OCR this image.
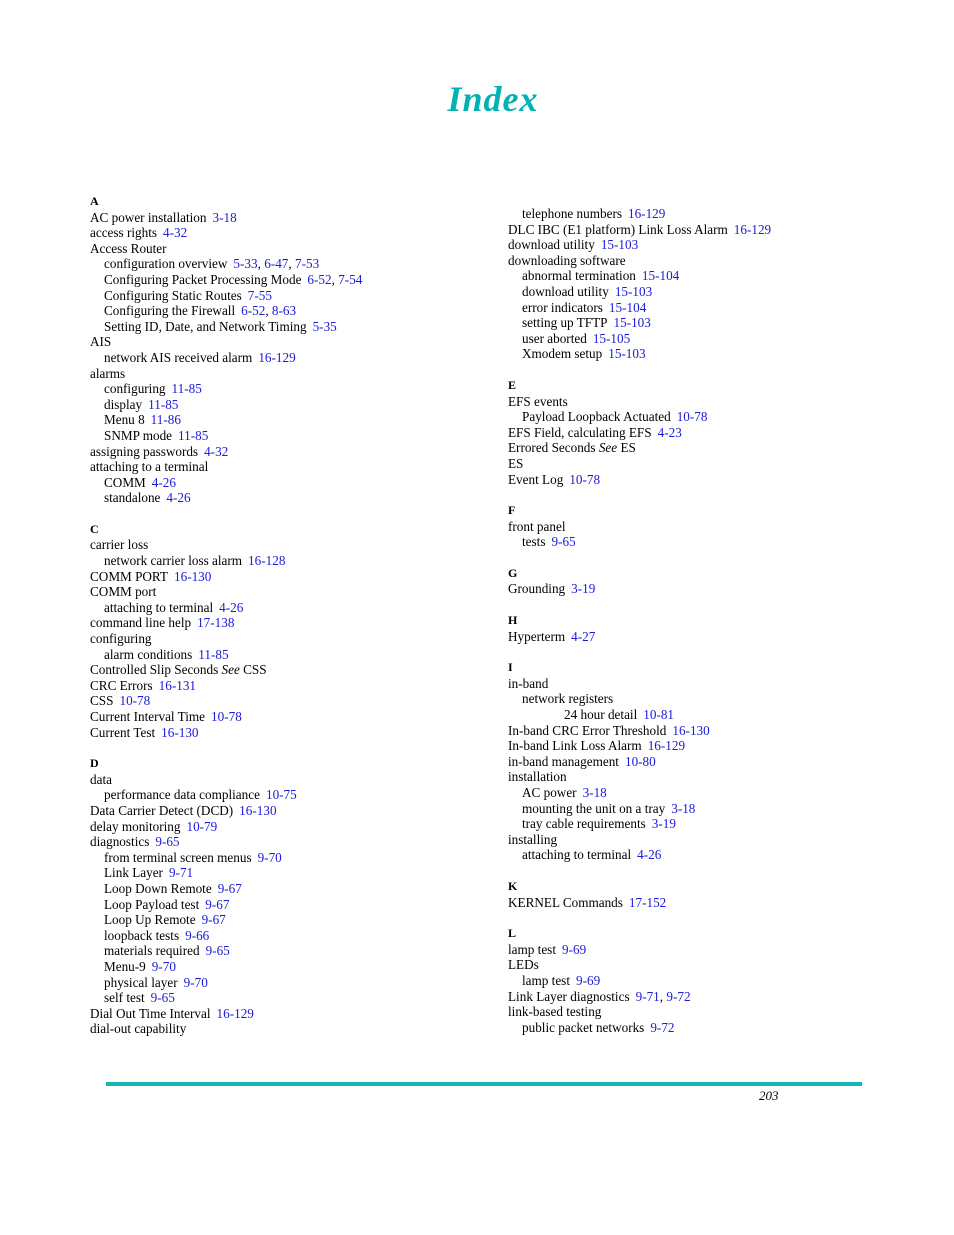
Index
A
AC power installation 3-18
access rights 4-32
Access Router
configuration overview 5-33, 6-47, 7-53
Configuring Packet Processing Mode 6-52, 7-54
Configuring Static Routes 7-55
Configuring the Firewall 6-52, 8-63
Setting ID, Date, and Network Timing 5-35
AIS
network AIS received alarm 16-129
alarms
configuring 11-85
display 11-85
Menu 8 11-86
SNMP mode 11-85
assigning passwords 4-32
attaching to a terminal
COMM 4-26
standalone 4-26
C
carrier loss
network carrier loss alarm 16-128
COMM PORT 16-130
COMM port
attaching to terminal 4-26
command line help 17-138
configuring
alarm conditions 11-85
Controlled Slip Seconds See CSS
CRC Errors 16-131
CSS 10-78
Current Interval Time 10-78
Current Test 16-130
D
data
performance data compliance 10-75
Data Carrier Detect (DCD) 16-130
delay monitoring 10-79
diagnostics 9-65
from terminal screen menus 9-70
Link Layer 9-71
Loop Down Remote 9-67
Loop Payload test 9-67
Loop Up Remote 9-67
loopback tests 9-66
materials required 9-65
Menu-9 9-70
physical layer 9-70
self test 9-65
Dial Out Time Interval 16-129
dial-out capability
telephone numbers 16-129
DLC IBC (E1 platform) Link Loss Alarm 16-129
download utility 15-103
downloading software
abnormal termination 15-104
download utility 15-103
error indicators 15-104
setting up TFTP 15-103
user aborted 15-105
Xmodem setup 15-103
E
EFS events
Payload Loopback Actuated 10-78
EFS Field, calculating EFS 4-23
Errored Seconds See ES
ES
Event Log 10-78
F
front panel
tests 9-65
G
Grounding 3-19
H
Hyperterm 4-27
I
in-band
network registers
24 hour detail 10-81
In-band CRC Error Threshold 16-130
In-band Link Loss Alarm 16-129
in-band management 10-80
installation
AC power 3-18
mounting the unit on a tray 3-18
tray cable requirements 3-19
installing
attaching to terminal 4-26
K
KERNEL Commands 17-152
L
lamp test 9-69
LEDs
lamp test 9-69
Link Layer diagnostics 9-71, 9-72
link-based testing
public packet networks 9-72
203
